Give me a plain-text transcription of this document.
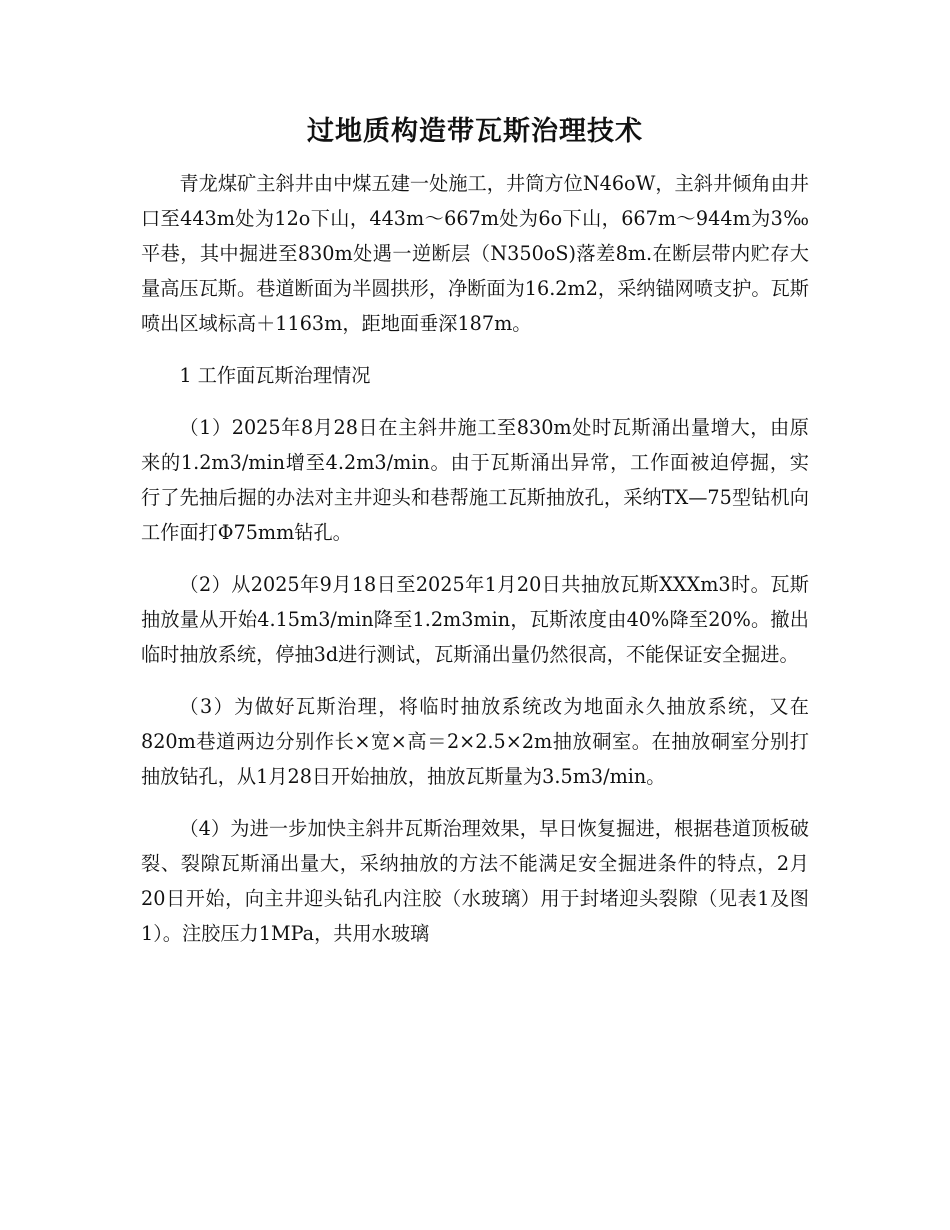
过地质构造带瓦斯治理技术

青龙煤矿主斜井由中煤五建一处施工，井筒方位N46oW，主斜井倾角由井口至443m处为12o下山，443m～667m处为6o下山，667m～944m为3‰平巷，其中掘进至830m处遇一逆断层（N350oS)落差8m.在断层带内贮存大量高压瓦斯。巷道断面为半圆拱形，净断面为16.2m2，采纳锚网喷支护。瓦斯喷出区域标高＋1163m，距地面垂深187m。

1 工作面瓦斯治理情况

（1）2025年8月28日在主斜井施工至830m处时瓦斯涌出量增大，由原来的1.2m3/min增至4.2m3/min。由于瓦斯涌出异常，工作面被迫停掘，实行了先抽后掘的办法对主井迎头和巷帮施工瓦斯抽放孔，采纳TX—75型钻机向工作面打Φ75mm钻孔。

（2）从2025年9月18日至2025年1月20日共抽放瓦斯XXXm3时。瓦斯抽放量从开始4.15m3/min降至1.2m3min，瓦斯浓度由40%降至20%。撤出临时抽放系统，停抽3d进行测试，瓦斯涌出量仍然很高，不能保证安全掘进。

（3）为做好瓦斯治理，将临时抽放系统改为地面永久抽放系统，又在820m巷道两边分别作长×宽×高＝2×2.5×2m抽放硐室。在抽放硐室分别打抽放钻孔，从1月28日开始抽放，抽放瓦斯量为3.5m3/min。

（4）为进一步加快主斜井瓦斯治理效果，早日恢复掘进，根据巷道顶板破裂、裂隙瓦斯涌出量大，采纳抽放的方法不能满足安全掘进条件的特点，2月20日开始，向主井迎头钻孔内注胶（水玻璃）用于封堵迎头裂隙（见表1及图1）。注胶压力1MPa，共用水玻璃
